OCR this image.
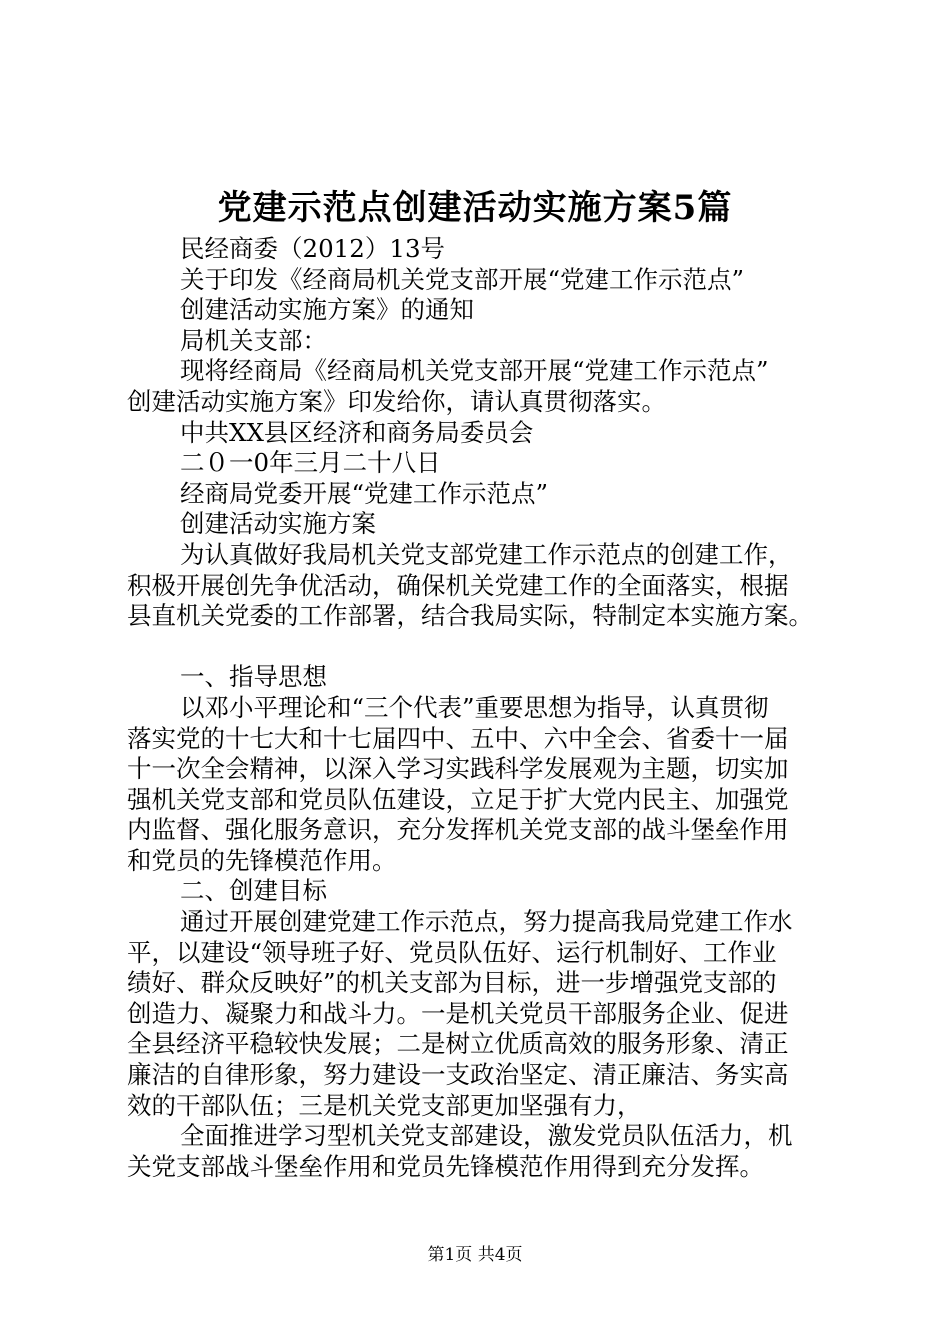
党建示范点创建活动实施方案5篇
民经商委（2012）13号
关于印发《经商局机关党支部开展“党建工作示范点”
创建活动实施方案》的通知
局机关支部：
现将经商局《经商局机关党支部开展“党建工作示范点”
创建活动实施方案》印发给你，请认真贯彻落实。
中共XX县区经济和商务局委员会
二０一0年三月二十八日
经商局党委开展“党建工作示范点”
创建活动实施方案
为认真做好我局机关党支部党建工作示范点的创建工作，
积极开展创先争优活动，确保机关党建工作的全面落实，根据
县直机关党委的工作部署，结合我局实际，特制定本实施方案。
一、指导思想
以邓小平理论和“三个代表”重要思想为指导，认真贯彻
落实党的十七大和十七届四中、五中、六中全会、省委十一届
十一次全会精神，以深入学习实践科学发展观为主题，切实加
强机关党支部和党员队伍建设，立足于扩大党内民主、加强党
内监督、强化服务意识，充分发挥机关党支部的战斗堡垒作用
和党员的先锋模范作用。
二、创建目标
通过开展创建党建工作示范点，努力提高我局党建工作水
平，以建设“领导班子好、党员队伍好、运行机制好、工作业
绩好、群众反映好”的机关支部为目标，进一步增强党支部的
创造力、凝聚力和战斗力。一是机关党员干部服务企业、促进
全县经济平稳较快发展；二是树立优质高效的服务形象、清正
廉洁的自律形象，努力建设一支政治坚定、清正廉洁、务实高
效的干部队伍；三是机关党支部更加坚强有力，
全面推进学习型机关党支部建设，激发党员队伍活力，机
关党支部战斗堡垒作用和党员先锋模范作用得到充分发挥。
第1页 共4页
